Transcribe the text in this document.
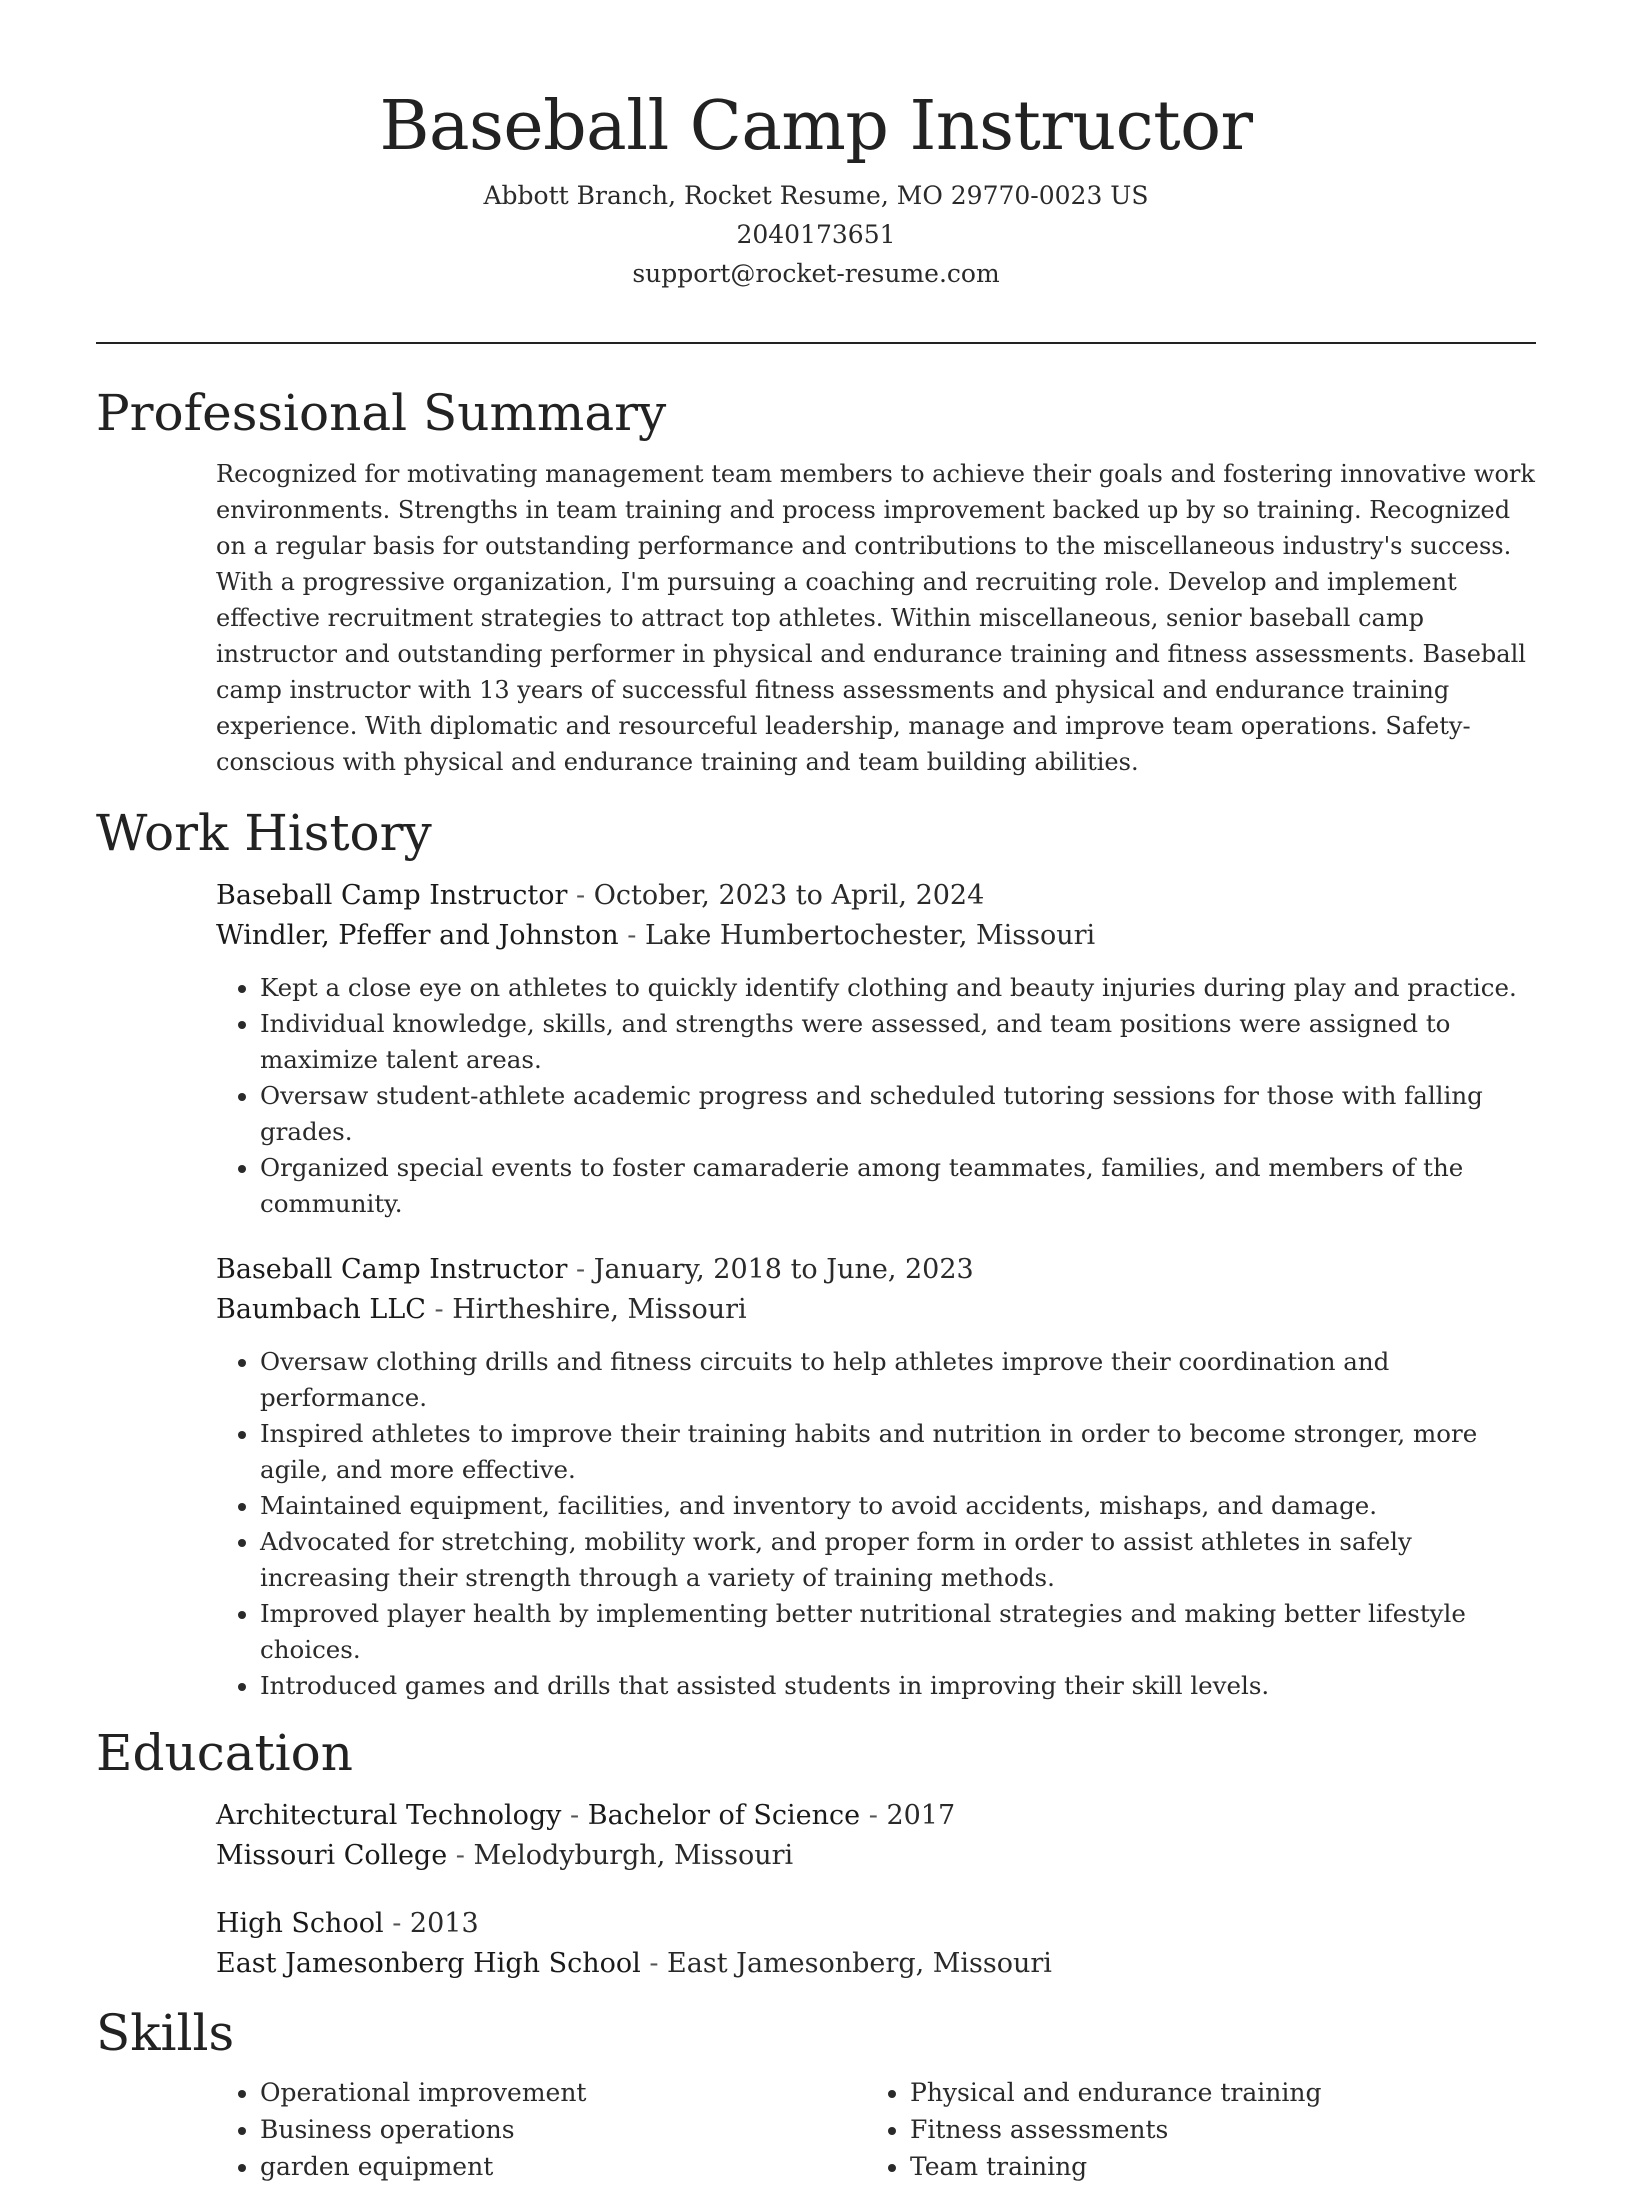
Baseball Camp Instructor
Abbott Branch, Rocket Resume, MO 29770-0023 US
2040173651
support@rocket-resume.com
Professional Summary

Recognized for motivating management team members to achieve their goals and fostering innovative work environments. Strengths in team training and process improvement backed up by so training. Recognized on a regular basis for outstanding performance and contributions to the miscellaneous industry's success. With a progressive organization, I'm pursuing a coaching and recruiting role. Develop and implement effective recruitment strategies to attract top athletes. Within miscellaneous, senior baseball camp instructor and outstanding performer in physical and endurance training and fitness assessments. Baseball camp instructor with 13 years of successful fitness assessments and physical and endurance training experience. With diplomatic and resourceful leadership, manage and improve team operations. Safety-conscious with physical and endurance training and team building abilities.

Work History
Baseball Camp Instructor - October, 2023 to April, 2024
Windler, Pfeffer and Johnston - Lake Humbertochester, Missouri
• Kept a close eye on athletes to quickly identify clothing and beauty injuries during play and practice.
• Individual knowledge, skills, and strengths were assessed, and team positions were assigned to maximize talent areas.
• Oversaw student-athlete academic progress and scheduled tutoring sessions for those with falling grades.
• Organized special events to foster camaraderie among teammates, families, and members of the community.
Baseball Camp Instructor - January, 2018 to June, 2023
Baumbach LLC - Hirtheshire, Missouri
• Oversaw clothing drills and fitness circuits to help athletes improve their coordination and performance.
• Inspired athletes to improve their training habits and nutrition in order to become stronger, more agile, and more effective.
• Maintained equipment, facilities, and inventory to avoid accidents, mishaps, and damage.
• Advocated for stretching, mobility work, and proper form in order to assist athletes in safely increasing their strength through a variety of training methods.
• Improved player health by implementing better nutritional strategies and making better lifestyle choices.
• Introduced games and drills that assisted students in improving their skill levels.
Education
Architectural Technology - Bachelor of Science - 2017
Missouri College - Melodyburgh, Missouri
High School - 2013
East Jamesonberg High School - East Jamesonberg, Missouri
Skills
• Operational improvement
• Business operations
• garden equipment
• Physical and endurance training
• Fitness assessments
• Team training
